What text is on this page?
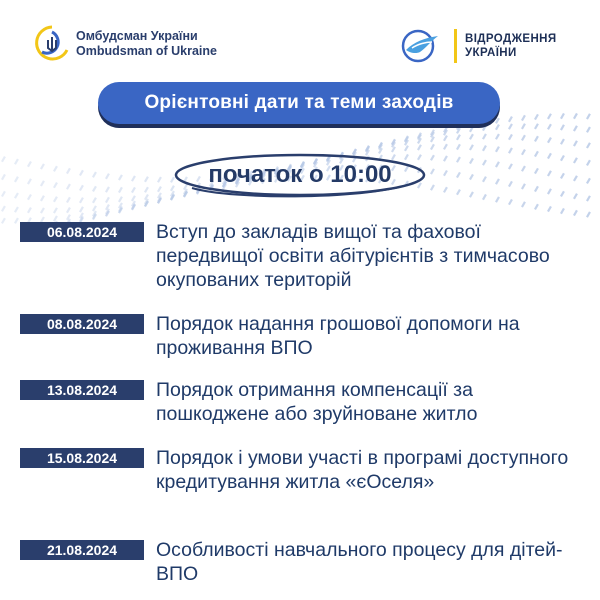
Омбудсман України
Ombudsman of Ukraine
ВІДРОДЖЕННЯ
УКРАЇНИ
Орієнтовні дати та теми заходів
початок о 10:00
06.08.2024	Вступ до закладів вищої та фахової передвищої освіти абітурієнтів з тимчасово окупованих територій
08.08.2024	Порядок надання грошової допомоги на проживання ВПО
13.08.2024	Порядок отримання компенсації за пошкоджене або зруйноване житло
15.08.2024	Порядок і умови участі в програмі доступного кредитування житла «єОселя»
21.08.2024	Особливості навчального процесу для дітей-ВПО
